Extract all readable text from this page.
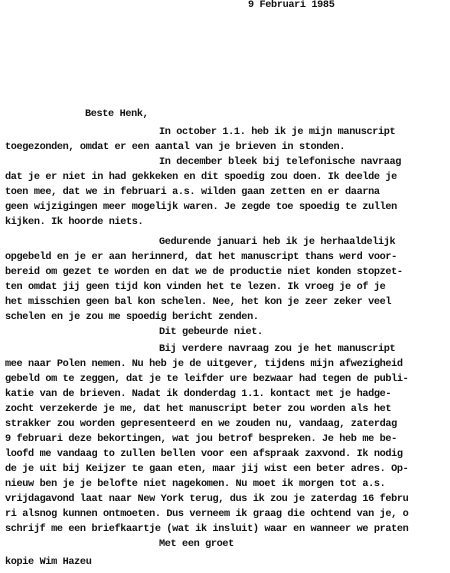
9 Februari 1985
Beste Henk,
In october 1.1. heb ik je mijn manuscript
toegezonden, omdat er een aantal van je brieven in stonden.
In december bleek bij telefonische navraag
dat je er niet in had gekkeken en dit spoedig zou doen. Ik deelde je
toen mee, dat we in februari a.s. wilden gaan zetten en er daarna
geen wijzigingen meer mogelijk waren. Je zegde toe spoedig te zullen
kijken. Ik hoorde niets.
Gedurende januari heb ik je herhaaldelijk
opgebeld en je er aan herinnerd, dat het manuscript thans werd voor-
bereid om gezet te worden en dat we de productie niet konden stopzet-
ten omdat jij geen tijd kon vinden het te lezen. Ik vroeg je of je
het misschien geen bal kon schelen. Nee, het kon je zeer zeker veel
schelen en je zou me spoedig bericht zenden.
Dit gebeurde niet.
Bij verdere navraag zou je het manuscript
mee naar Polen nemen. Nu heb je de uitgever, tijdens mijn afwezigheid
gebeld om te zeggen, dat je te leifder ure bezwaar had tegen de publi-
katie van de brieven. Nadat ik donderdag 1.1. kontact met je hadge-
zocht verzekerde je me, dat het manuscript beter zou worden als het
strakker zou worden gepresenteerd en we zouden nu, vandaag, zaterdag
9 februari deze bekortingen, wat jou betrof bespreken. Je heb me be-
loofd me vandaag to zullen bellen voor een afspraak zaxvond. Ik nodig
de je uit bij Keijzer te gaan eten, maar jij wist een beter adres. Op-
nieuw ben je je belofte niet nagekomen. Nu moet ik morgen tot a.s.
vrijdagavond laat naar New York terug, dus ik zou je zaterdag 16 febru
ri alsnog kunnen ontmoeten. Dus verneem ik graag die ochtend van je, o
schrijf me een briefkaartje (wat ik insluit) waar en wanneer we praten
Met een groet
kopie Wim Hazeu
